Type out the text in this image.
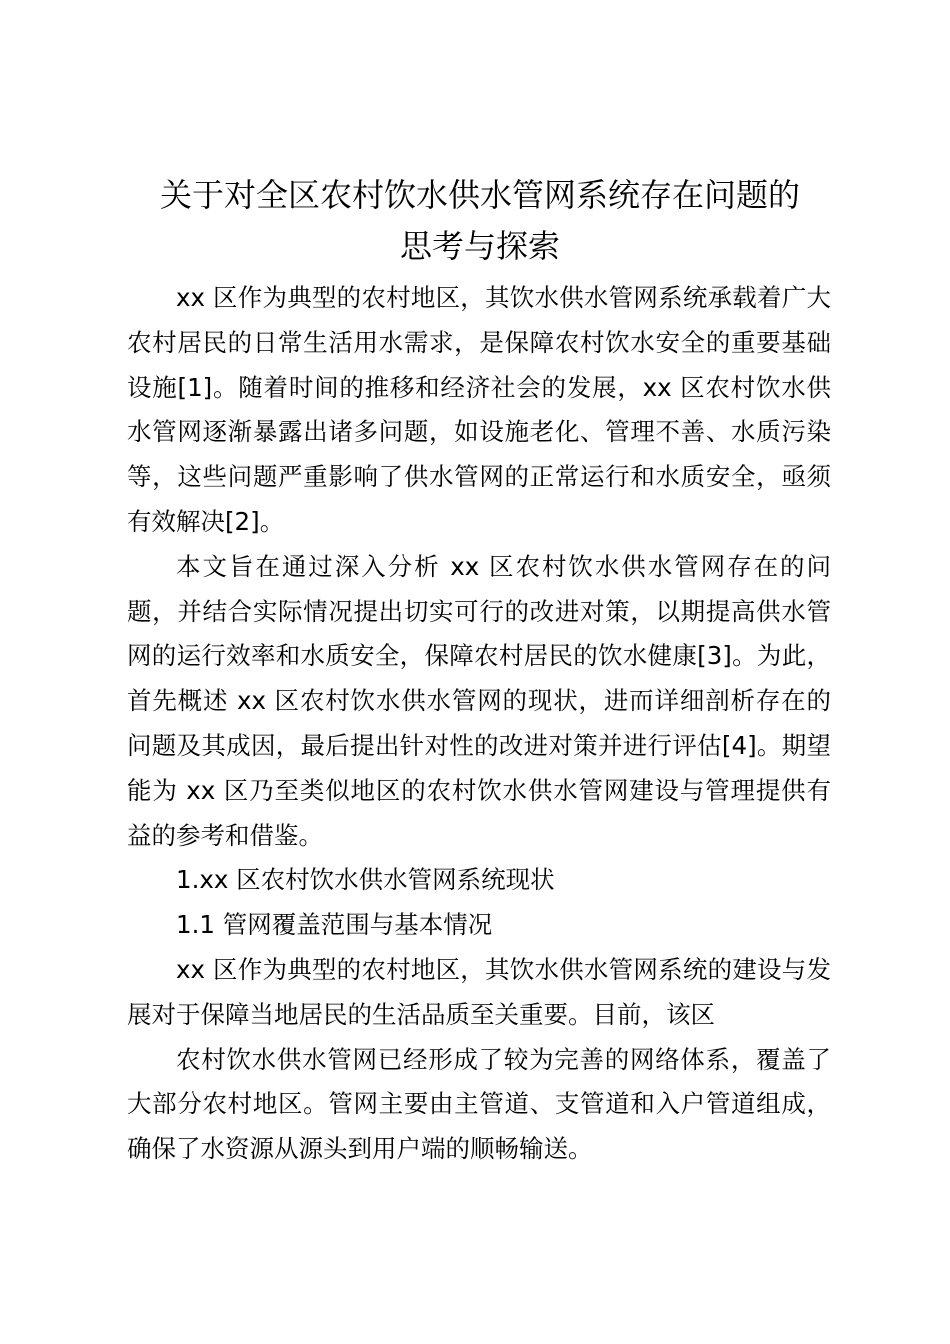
关于对全区农村饮水供水管网系统存在问题的
思考与探索

xx 区作为典型的农村地区，其饮水供水管网系统承载着广大农村居民的日常生活用水需求，是保障农村饮水安全的重要基础设施[1]。随着时间的推移和经济社会的发展，xx 区农村饮水供水管网逐渐暴露出诸多问题，如设施老化、管理不善、水质污染等，这些问题严重影响了供水管网的正常运行和水质安全，亟须有效解决[2]。

本文旨在通过深入分析 xx 区农村饮水供水管网存在的问题，并结合实际情况提出切实可行的改进对策，以期提高供水管网的运行效率和水质安全，保障农村居民的饮水健康[3]。为此，首先概述 xx 区农村饮水供水管网的现状，进而详细剖析存在的问题及其成因，最后提出针对性的改进对策并进行评估[4]。期望能为 xx 区乃至类似地区的农村饮水供水管网建设与管理提供有益的参考和借鉴。

1.xx 区农村饮水供水管网系统现状

1.1 管网覆盖范围与基本情况

xx 区作为典型的农村地区，其饮水供水管网系统的建设与发展对于保障当地居民的生活品质至关重要。目前，该区

农村饮水供水管网已经形成了较为完善的网络体系，覆盖了大部分农村地区。管网主要由主管道、支管道和入户管道组成，确保了水资源从源头到用户端的顺畅输送。
